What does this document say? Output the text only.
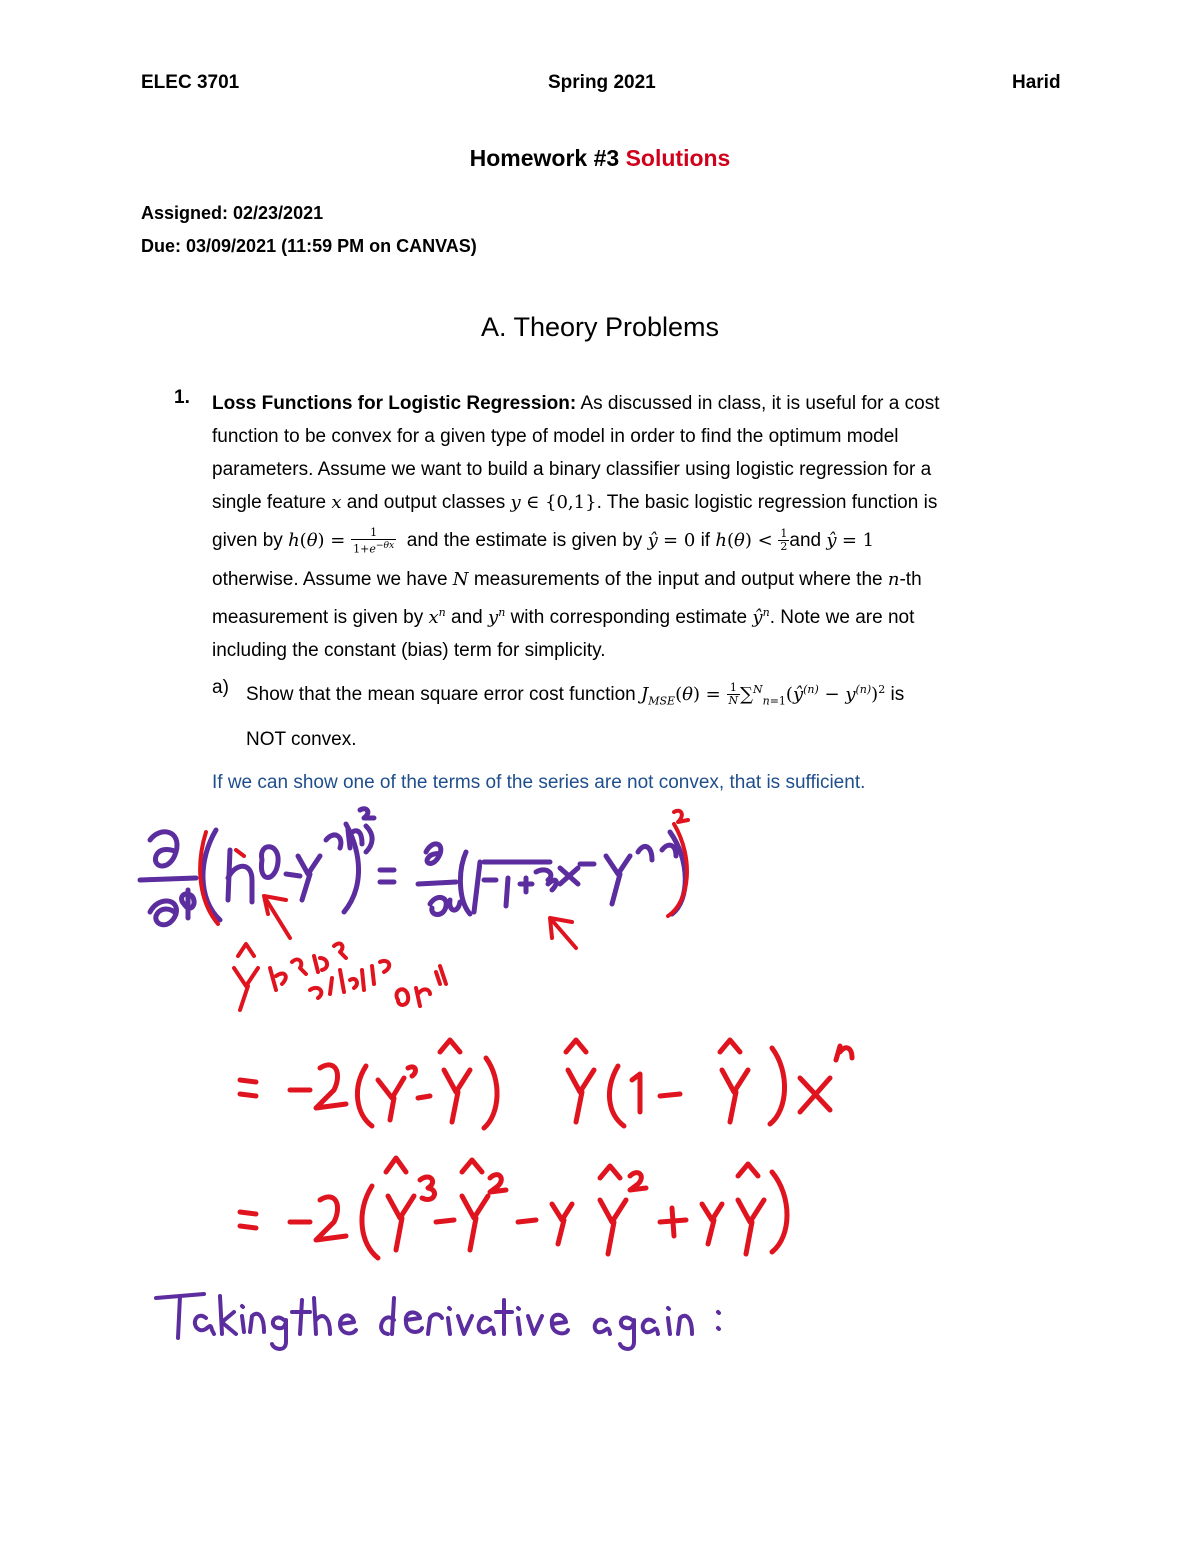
ELEC 3701	Spring 2021	Harid
Homework #3 Solutions
Assigned: 02/23/2021
Due: 03/09/2021 (11:59 PM on CANVAS)
A. Theory Problems
1. Loss Functions for Logistic Regression: As discussed in class, it is useful for a cost

function to be convex for a given type of model in order to find the optimum model

parameters. Assume we want to build a binary classifier using logistic regression for a

single feature x and output classes y ∈ {0,1}. The basic logistic regression function is

given by $h(\theta) = \frac{1}{1+e^{-\theta x}}$ and the estimate is given by ŷ = 0 if $h(\theta) < \frac{1}{2}$ and ŷ = 1

otherwise. Assume we have N measurements of the input and output where the n-th

measurement is given by $x^n$ and $y^n$ with corresponding estimate $ŷ^n$. Note we are not

including the constant (bias) term for simplicity.

a) Show that the mean square error cost function $J_{MSE}(\theta) = \frac{1}{N}$ $\sum^N_{n=1}(ŷ^{(n)} - y^{(n)})^2$ is
NOT convex.
If we can show one of the terms of the series are not convex, that is sufficient.
